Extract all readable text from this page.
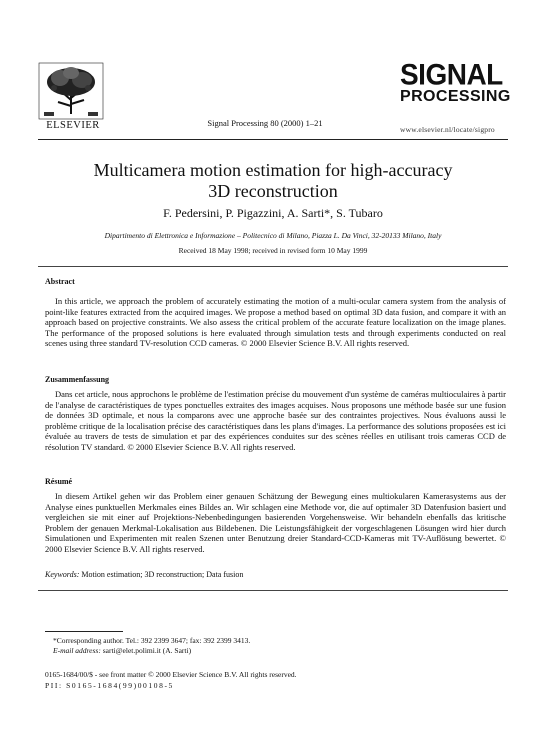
ELSEVIER	Signal Processing 80 (2000) 1–21
SIGNAL
PROCESSING
www.elsevier.nl/locate/sigpro
Multicamera motion estimation for high-accuracy
3D reconstruction
F. Pedersini, P. Pigazzini, A. Sarti*, S. Tubaro
Dipartimento di Elettronica e Informazione – Politecnico di Milano, Piazza L. Da Vinci, 32-20133 Milano, Italy
Received 18 May 1998; received in revised form 10 May 1999
Abstract
In this article, we approach the problem of accurately estimating the motion of a multi-ocular camera system from the analysis of point-like features extracted from the acquired images. We propose a method based on optimal 3D data fusion, and compare it with an approach based on projective constraints. We also assess the critical problem of the accurate feature localization on the image planes. The performance of the proposed solutions is here evaluated through simulation tests and through experiments conducted on real scenes using three standard TV-resolution CCD cameras. © 2000 Elsevier Science B.V. All rights reserved.
Zusammenfassung
Dans cet article, nous approchons le problème de l'estimation précise du mouvement d'un système de caméras multioculaires à partir de l'analyse de caractéristiques de types ponctuelles extraites des images acquises. Nous proposons une méthode basée sur une fusion de données 3D optimale, et nous la comparons avec une approche basée sur des contraintes projectives. Nous évaluons aussi le problème critique de la localisation précise des caractéristiques dans les plans d'images. La performance des solutions proposées est ici évaluée au travers de tests de simulation et par des expériences conduites sur des scènes réelles en utilisant trois cameras CCD de résolution TV standard. © 2000 Elsevier Science B.V. All rights reserved.
Résumé
In diesem Artikel gehen wir das Problem einer genauen Schätzung der Bewegung eines multiokularen Kamerasystems aus der Analyse eines punktuellen Merkmales eines Bildes an. Wir schlagen eine Methode vor, die auf optimaler 3D Datenfusion basiert und vergleichen sie mit einer auf Projektions-Nebenbedingungen basierenden Vorgehensweise. Wir behandeln ebenfalls das kritische Problem der genauen Merkmal-Lokalisation aus Bildebenen. Die Leistungsfähigkeit der vorgeschlagenen Lösungen wird hier durch Simulationen und Experimenten mit realen Szenen unter Benutzung dreier Standard-CCD-Kameras mit TV-Auflösung bewertet. © 2000 Elsevier Science B.V. All rights reserved.
Keywords: Motion estimation; 3D reconstruction; Data fusion
*Corresponding author. Tel.: 392 2399 3647; fax: 392 2399 3413.
E-mail address: sarti@elet.polimi.it (A. Sarti)
0165-1684/00/$ - see front matter © 2000 Elsevier Science B.V. All rights reserved.
PII: S0165-1684(99)00108-5
